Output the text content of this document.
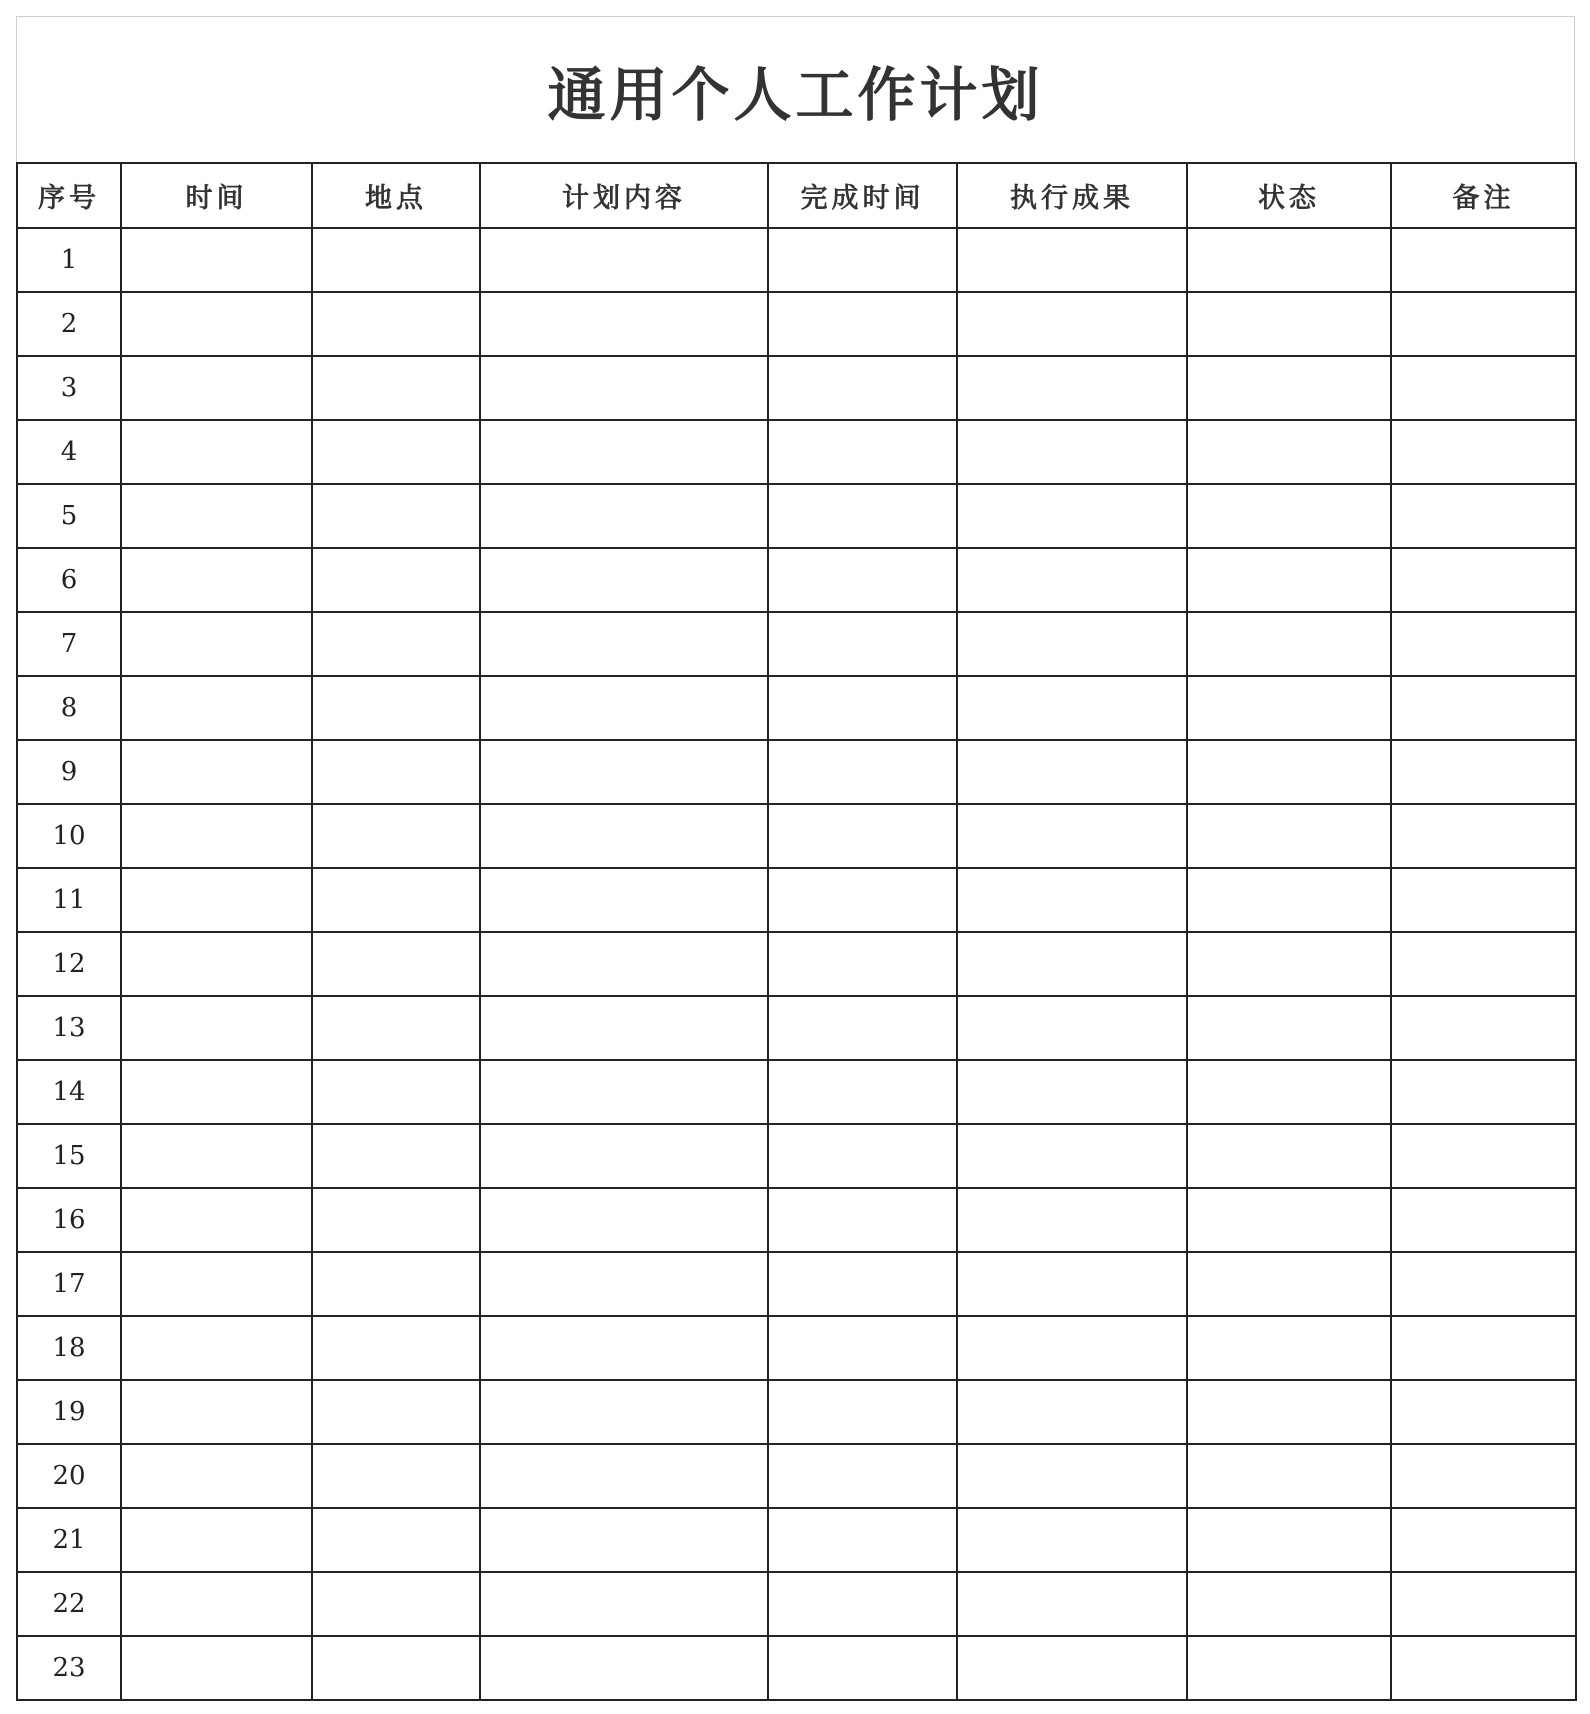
通用个人工作计划
序号	时间	地点	计划内容	完成时间	执行成果	状态	备注
1							
2							
3							
4							
5							
6							
7							
8							
9							
10							
11							
12							
13							
14							
15							
16							
17							
18							
19							
20							
21							
22							
23							
